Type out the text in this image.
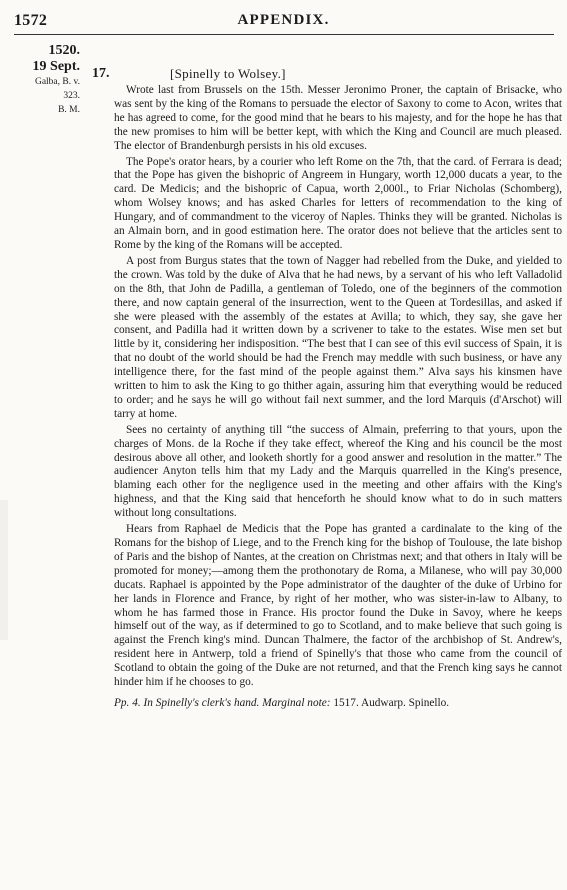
1572	APPENDIX.
1520.
19 Sept.
Galba, B. v.
323.
B. M.
17.	[Spinelly to Wolsey.]

Wrote last from Brussels on the 15th. Messer Jeronimo Proner, the captain of Brisacke, who was sent by the king of the Romans to persuade the elector of Saxony to come to Acon, writes that he has agreed to come, for the good mind that he bears to his majesty, and for the hope he has that the new promises to him will be better kept, with which the King and Council are much pleased. The elector of Brandenburgh persists in his old excuses.

The Pope's orator hears, by a courier who left Rome on the 7th, that the card. of Ferrara is dead; that the Pope has given the bishopric of Angreem in Hungary, worth 12,000 ducats a year, to the card. De Medicis; and the bishopric of Capua, worth 2,000l., to Friar Nicholas (Schomberg), whom Wolsey knows; and has asked Charles for letters of recommendation to the king of Hungary, and of commandment to the viceroy of Naples. Thinks they will be granted. Nicholas is an Almain born, and in good estimation here. The orator does not believe that the articles sent to Rome by the king of the Romans will be accepted.

A post from Burgus states that the town of Nagger had rebelled from the Duke, and yielded to the crown. Was told by the duke of Alva that he had news, by a servant of his who left Valladolid on the 8th, that John de Padilla, a gentleman of Toledo, one of the beginners of the commotion there, and now captain general of the insurrection, went to the Queen at Tordesillas, and asked if she were pleased with the assembly of the estates at Avilla; to which, they say, she gave her consent, and Padilla had it written down by a scrivener to take to the estates. Wise men set but little by it, considering her indisposition. “The best that I can see of this evil success of Spain, it is that no doubt of the world should be had the French may meddle with such business, or have any intelligence there, for the fast mind of the people against them.” Alva says his kinsmen have written to him to ask the King to go thither again, assuring him that everything would be reduced to order; and he says he will go without fail next summer, and the lord Marquis (d'Arschot) will tarry at home.

Sees no certainty of anything till “the success of Almain, preferring to that yours, upon the charges of Mons. de la Roche if they take effect, whereof the King and his council be the most desirous above all other, and looketh shortly for a good answer and resolution in the matter.” The audiencer Anyton tells him that my Lady and the Marquis quarrelled in the King's presence, blaming each other for the negligence used in the meeting and other affairs with the King's highness, and that the King said that henceforth he should know what to do in such matters without long consultations.

Hears from Raphael de Medicis that the Pope has granted a cardinalate to the king of the Romans for the bishop of Liege, and to the French king for the bishop of Toulouse, the late bishop of Paris and the bishop of Nantes, at the creation on Christmas next; and that others in Italy will be promoted for money;—among them the prothonotary de Roma, a Milanese, who will pay 30,000 ducats. Raphael is appointed by the Pope administrator of the daughter of the duke of Urbino for her lands in Florence and France, by right of her mother, who was sister-in-law to Albany, to whom he has farmed those in France. His proctor found the Duke in Savoy, where he keeps himself out of the way, as if determined to go to Scotland, and to make believe that such going is against the French king's mind. Duncan Thalmere, the factor of the archbishop of St. Andrew's, resident here in Antwerp, told a friend of Spinelly's that those who came from the council of Scotland to obtain the going of the Duke are not returned, and that the French king says he cannot hinder him if he chooses to go.

Pp. 4. In Spinelly's clerk's hand. Marginal note: 1517. Audwarp. Spinello.
